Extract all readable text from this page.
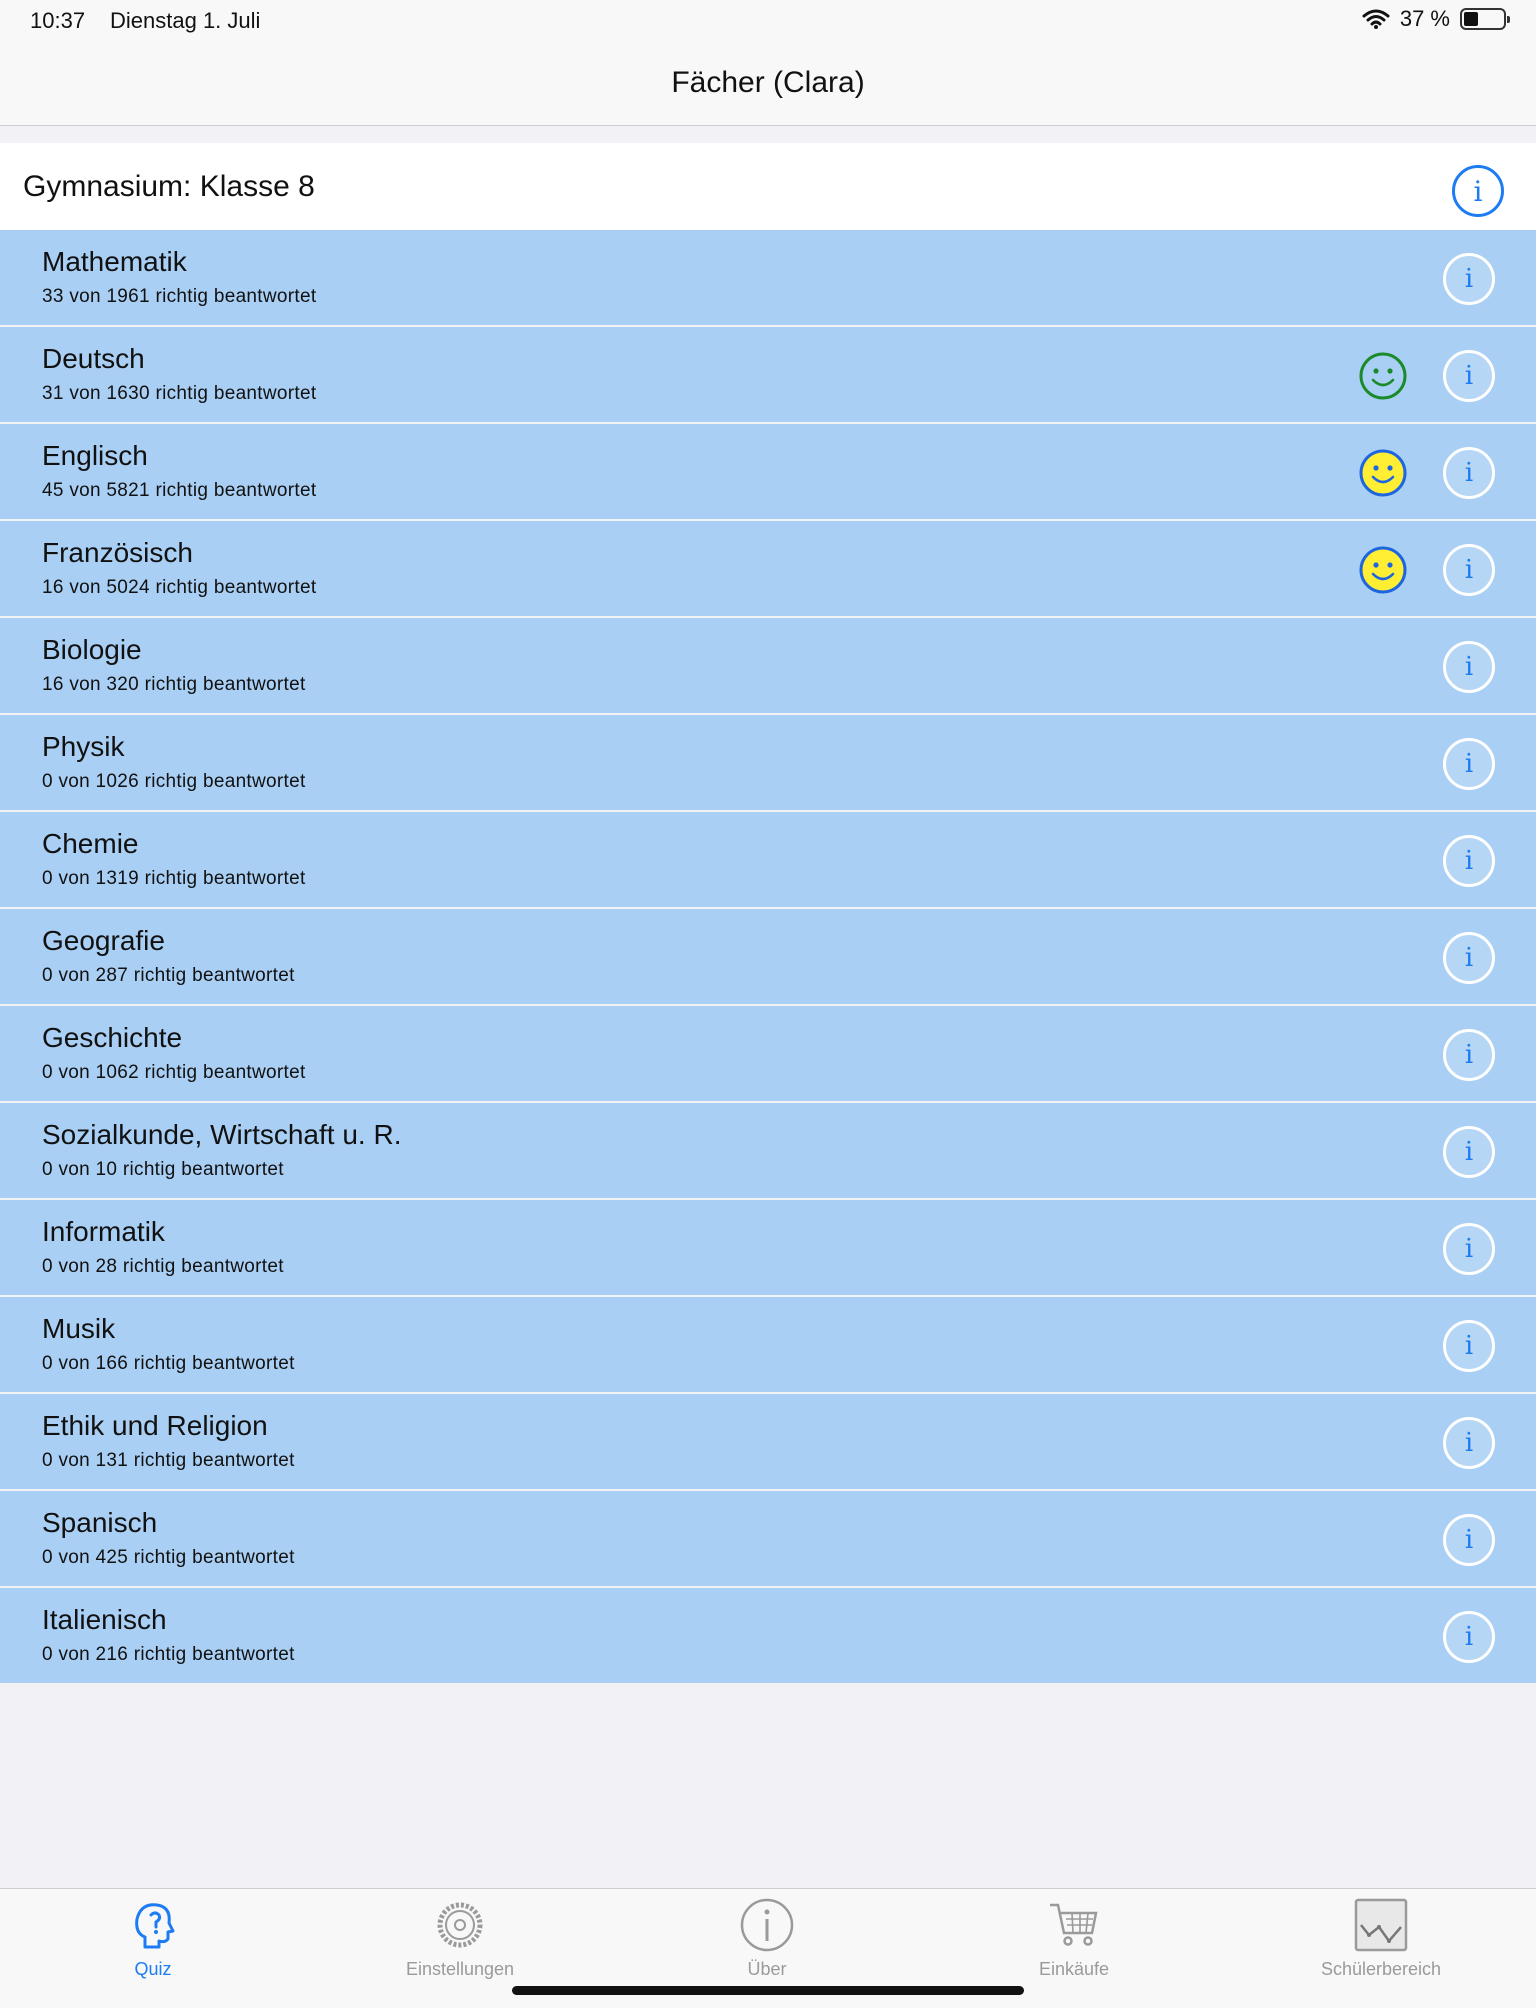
10:37 Dienstag 1. Juli	37 %
Fächer (Clara)
Gymnasium: Klasse 8	i
Mathematik
33 von 1961 richtig beantwortet
i
Deutsch
31 von 1630 richtig beantwortet
i
Englisch
45 von 5821 richtig beantwortet
i
Französisch
16 von 5024 richtig beantwortet
i
Biologie
16 von 320 richtig beantwortet
i
Physik
0 von 1026 richtig beantwortet
i
Chemie
0 von 1319 richtig beantwortet
i
Geografie
0 von 287 richtig beantwortet
i
Geschichte
0 von 1062 richtig beantwortet
i
Sozialkunde, Wirtschaft u. R.
0 von 10 richtig beantwortet
i
Informatik
0 von 28 richtig beantwortet
i
Musik
0 von 166 richtig beantwortet
i
Ethik und Religion
0 von 131 richtig beantwortet
i
Spanisch
0 von 425 richtig beantwortet
i
Italienisch
0 von 216 richtig beantwortet
i
Quiz	Einstellungen	Über	Einkäufe	Schülerbereich
